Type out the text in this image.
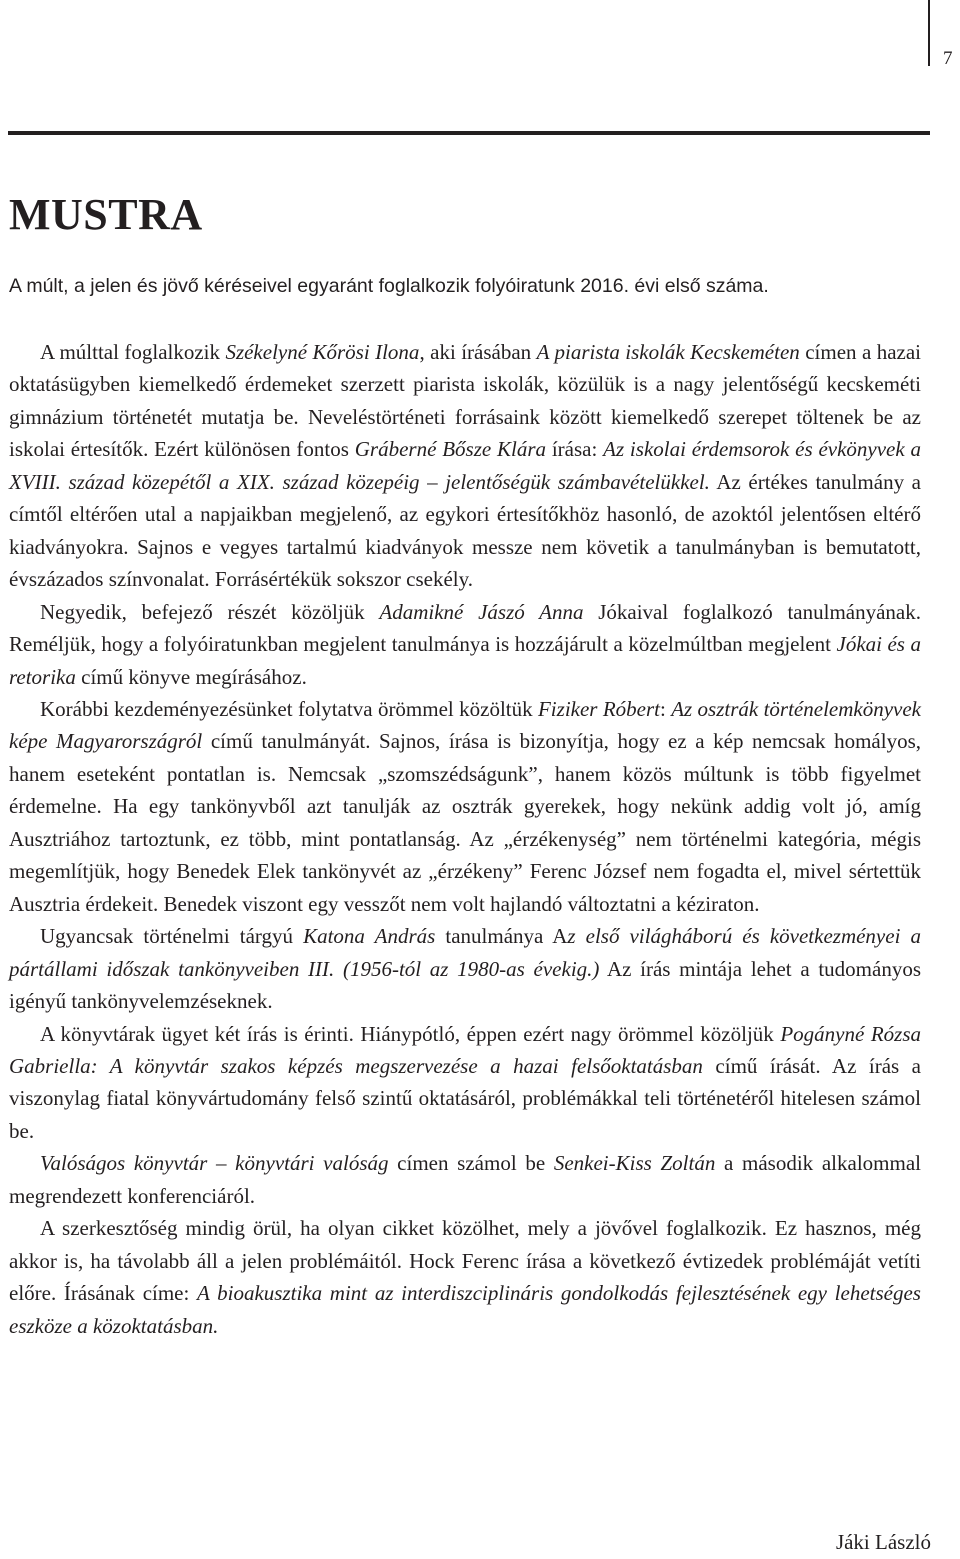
7
MUSTRA

A múlt, a jelen és jövő kéréseivel egyaránt foglalkozik folyóiratunk 2016. évi első száma.

A múlttal foglalkozik Székelyné Kőrösi Ilona, aki írásában A piarista iskolák Kecskeméten címen a hazai oktatásügyben kiemelkedő érdemeket szerzett piarista iskolák, közülük is a nagy jelentőségű kecskeméti gimnázium történetét mutatja be. Neveléstörténeti forrásaink között kiemelkedő szerepet töltenek be az iskolai értesítők. Ezért különösen fontos Gráberné Bősze Klára írása: Az iskolai érdemsorok és évkönyvek a XVIII. század közepétől a XIX. század közepéig – jelentőségük számbavételükkel. Az értékes tanulmány a címtől eltérően utal a napjaikban megjelenő, az egykori értesítőkhöz hasonló, de azoktól jelentősen eltérő kiadványokra. Sajnos e vegyes tartalmú kiadványok messze nem követik a tanulmányban is bemutatott, évszázados színvonalat. Forrásértékük sokszor csekély.

Negyedik, befejező részét közöljük Adamikné Jászó Anna Jókaival foglalkozó tanulmányának. Reméljük, hogy a folyóiratunkban megjelent tanulmánya is hozzájárult a közelmúltban megjelent Jókai és a retorika című könyve megírásához.

Korábbi kezdeményezésünket folytatva örömmel közöltük Fiziker Róbert: Az osztrák történelemkönyvek képe Magyarországról című tanulmányát. Sajnos, írása is bizonyítja, hogy ez a kép nemcsak homályos, hanem eseteként pontatlan is. Nemcsak „szomszédságunk”, hanem közös múltunk is több figyelmet érdemelne. Ha egy tankönyvből azt tanulják az osztrák gyerekek, hogy nekünk addig volt jó, amíg Ausztriához tartoztunk, ez több, mint pontatlanság. Az „érzékenység” nem történelmi kategória, mégis megemlítjük, hogy Benedek Elek tankönyvét az „érzékeny” Ferenc József nem fogadta el, mivel sértettük Ausztria érdekeit. Benedek viszont egy vesszőt nem volt hajlandó változtatni a kéziraton.

Ugyancsak történelmi tárgyú Katona András tanulmánya Az első világháború és következményei a pártállami időszak tankönyveiben III. (1956-tól az 1980-as évekig.) Az írás mintája lehet a tudományos igényű tankönyvelemzéseknek.

A könyvtárak ügyet két írás is érinti. Hiánypótló, éppen ezért nagy örömmel közöljük Pogányné Rózsa Gabriella: A könyvtár szakos képzés megszervezése a hazai felsőoktatásban című írását. Az írás a viszonylag fiatal könyvártudomány felső szintű oktatásáról, problémákkal teli történetéről hitelesen számol be.

Valóságos könyvtár – könyvtári valóság címen számol be Senkei-Kiss Zoltán a második alkalommal megrendezett konferenciáról.

A szerkesztőség mindig örül, ha olyan cikket közölhet, mely a jövővel foglalkozik. Ez hasznos, még akkor is, ha távolabb áll a jelen problémáitól. Hock Ferenc írása a következő évtizedek problémáját vetíti előre. Írásának címe: A bioakusztika mint az interdiszciplináris gondolkodás fejlesztésének egy lehetséges eszköze a közoktatásban.

Jáki László
